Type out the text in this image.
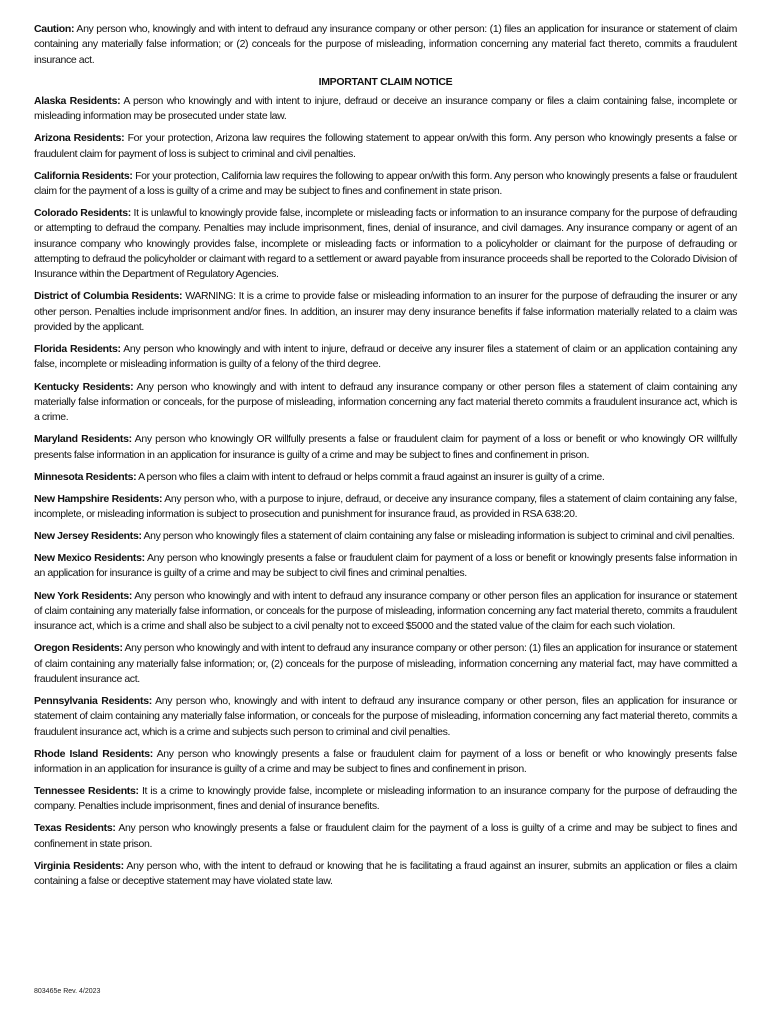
Caution: Any person who, knowingly and with intent to defraud any insurance company or other person: (1) files an application for insurance or statement of claim containing any materially false information; or (2) conceals for the purpose of misleading, information concerning any material fact thereto, commits a fraudulent insurance act.

IMPORTANT CLAIM NOTICE

Alaska Residents: A person who knowingly and with intent to injure, defraud or deceive an insurance company or files a claim containing false, incomplete or misleading information may be prosecuted under state law.

Arizona Residents: For your protection, Arizona law requires the following statement to appear on/with this form. Any person who knowingly presents a false or fraudulent claim for payment of loss is subject to criminal and civil penalties.

California Residents: For your protection, California law requires the following to appear on/with this form. Any person who knowingly presents a false or fraudulent claim for the payment of a loss is guilty of a crime and may be subject to fines and confinement in state prison.

Colorado Residents: It is unlawful to knowingly provide false, incomplete or misleading facts or information to an insurance company for the purpose of defrauding or attempting to defraud the company. Penalties may include imprisonment, fines, denial of insurance, and civil damages. Any insurance company or agent of an insurance company who knowingly provides false, incomplete or misleading facts or information to a policyholder or claimant for the purpose of defrauding or attempting to defraud the policyholder or claimant with regard to a settlement or award payable from insurance proceeds shall be reported to the Colorado Division of Insurance within the Department of Regulatory Agencies.

District of Columbia Residents: WARNING: It is a crime to provide false or misleading information to an insurer for the purpose of defrauding the insurer or any other person. Penalties include imprisonment and/or fines. In addition, an insurer may deny insurance benefits if false information materially related to a claim was provided by the applicant.

Florida Residents: Any person who knowingly and with intent to injure, defraud or deceive any insurer files a statement of claim or an application containing any false, incomplete or misleading information is guilty of a felony of the third degree.

Kentucky Residents: Any person who knowingly and with intent to defraud any insurance company or other person files a statement of claim containing any materially false information or conceals, for the purpose of misleading, information concerning any fact material thereto commits a fraudulent insurance act, which is a crime.

Maryland Residents: Any person who knowingly OR willfully presents a false or fraudulent claim for payment of a loss or benefit or who knowingly OR willfully presents false information in an application for insurance is guilty of a crime and may be subject to fines and confinement in prison.

Minnesota Residents: A person who files a claim with intent to defraud or helps commit a fraud against an insurer is guilty of a crime.

New Hampshire Residents: Any person who, with a purpose to injure, defraud, or deceive any insurance company, files a statement of claim containing any false, incomplete, or misleading information is subject to prosecution and punishment for insurance fraud, as provided in RSA 638:20.

New Jersey Residents: Any person who knowingly files a statement of claim containing any false or misleading information is subject to criminal and civil penalties.

New Mexico Residents: Any person who knowingly presents a false or fraudulent claim for payment of a loss or benefit or knowingly presents false information in an application for insurance is guilty of a crime and may be subject to civil fines and criminal penalties.

New York Residents: Any person who knowingly and with intent to defraud any insurance company or other person files an application for insurance or statement of claim containing any materially false information, or conceals for the purpose of misleading, information concerning any fact material thereto, commits a fraudulent insurance act, which is a crime and shall also be subject to a civil penalty not to exceed $5000 and the stated value of the claim for each such violation.

Oregon Residents: Any person who knowingly and with intent to defraud any insurance company or other person: (1) files an application for insurance or statement of claim containing any materially false information; or, (2) conceals for the purpose of misleading, information concerning any material fact, may have committed a fraudulent insurance act.

Pennsylvania Residents: Any person who, knowingly and with intent to defraud any insurance company or other person, files an application for insurance or statement of claim containing any materially false information, or conceals for the purpose of misleading, information concerning any fact material thereto, commits a fraudulent insurance act, which is a crime and subjects such person to criminal and civil penalties.

Rhode Island Residents: Any person who knowingly presents a false or fraudulent claim for payment of a loss or benefit or who knowingly presents false information in an application for insurance is guilty of a crime and may be subject to fines and confinement in prison.

Tennessee Residents: It is a crime to knowingly provide false, incomplete or misleading information to an insurance company for the purpose of defrauding the company. Penalties include imprisonment, fines and denial of insurance benefits.

Texas Residents: Any person who knowingly presents a false or fraudulent claim for the payment of a loss is guilty of a crime and may be subject to fines and confinement in state prison.

Virginia Residents: Any person who, with the intent to defraud or knowing that he is facilitating a fraud against an insurer, submits an application or files a claim containing a false or deceptive statement may have violated state law.

803465e Rev. 4/2023
